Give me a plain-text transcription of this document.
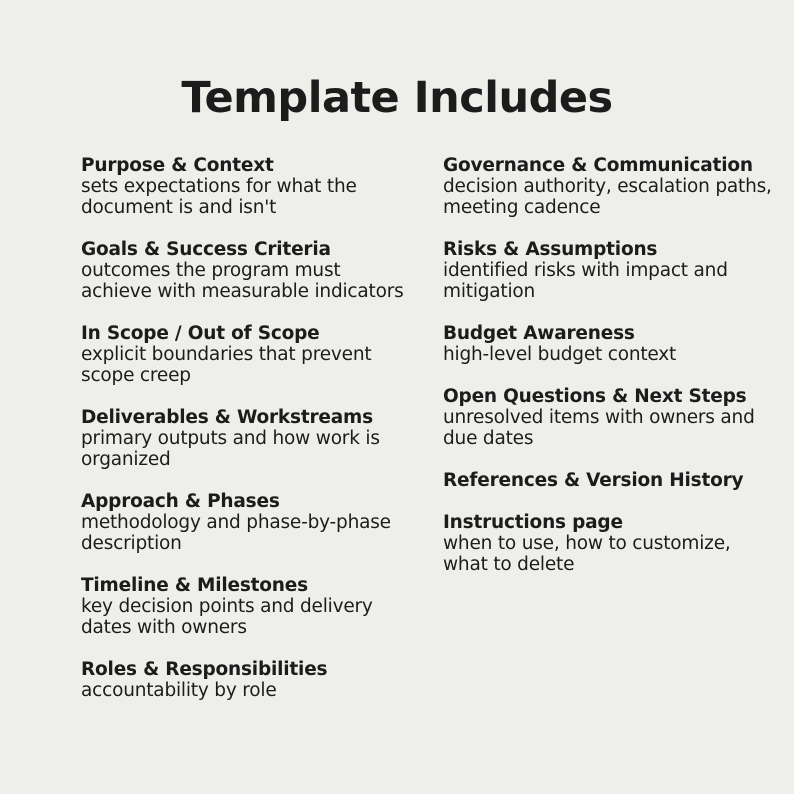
Template Includes
Purpose & Context
sets expectations for what the document is and isn't
Goals & Success Criteria
outcomes the program must achieve with measurable indicators
In Scope / Out of Scope
explicit boundaries that prevent scope creep
Deliverables & Workstreams
primary outputs and how work is organized
Approach & Phases
methodology and phase-by-phase description
Timeline & Milestones
key decision points and delivery dates with owners
Roles & Responsibilities
accountability by role
Governance & Communication
decision authority, escalation paths, meeting cadence
Risks & Assumptions
identified risks with impact and mitigation
Budget Awareness
high-level budget context
Open Questions & Next Steps unresolved items with owners and due dates
References & Version History
Instructions page
when to use, how to customize, what to delete
